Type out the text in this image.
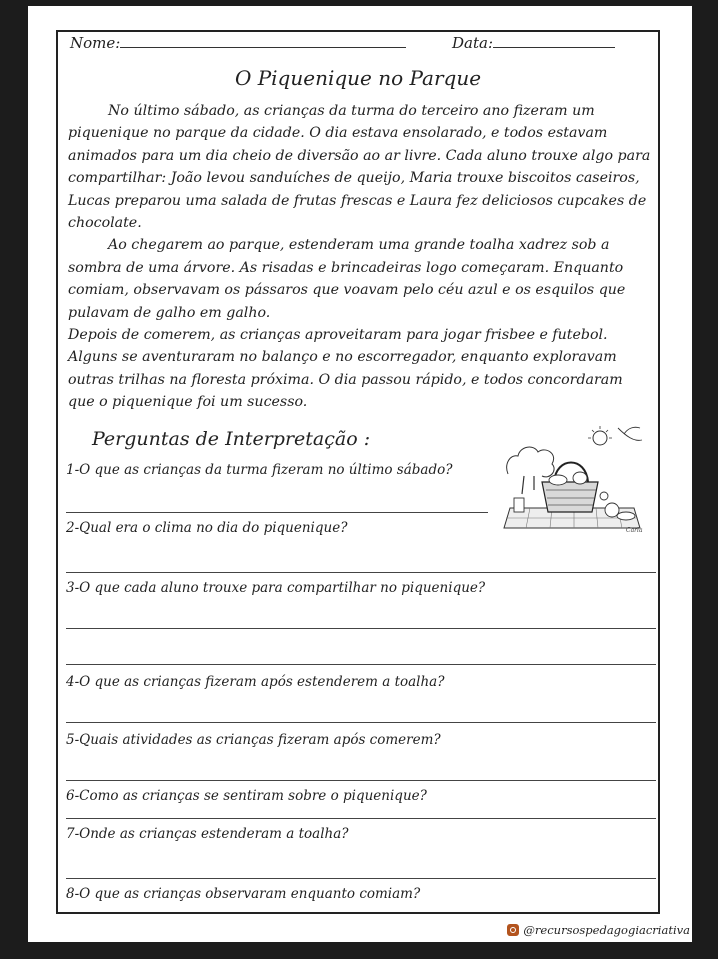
Nome:	Data:
O Piquenique no Parque

No último sábado, as crianças da turma do terceiro ano fizeram um piquenique no parque da cidade. O dia estava ensolarado, e todos estavam animados para um dia cheio de diversão ao ar livre. Cada aluno trouxe algo para compartilhar: João levou sanduíches de queijo, Maria trouxe biscoitos caseiros, Lucas preparou uma salada de frutas frescas e Laura fez deliciosos cupcakes de chocolate.

Ao chegarem ao parque, estenderam uma grande toalha xadrez sob a sombra de uma árvore. As risadas e brincadeiras logo começaram. Enquanto comiam, observavam os pássaros que voavam pelo céu azul e os esquilos que pulavam de galho em galho.

Depois de comerem, as crianças aproveitaram para jogar frisbee e futebol. Alguns se aventuraram no balanço e no escorregador, enquanto exploravam outras trilhas na floresta próxima. O dia passou rápido, e todos concordaram que o piquenique foi um sucesso.

Perguntas de Interpretação :
Carla
1-O que as crianças da turma fizeram no último sábado?
2-Qual era o clima no dia do piquenique?
3-O que cada aluno trouxe para compartilhar no piquenique?
4-O que as crianças fizeram após estenderem a toalha?
5-Quais atividades as crianças fizeram após comerem?
6-Como as crianças se sentiram sobre o piquenique?
7-Onde as crianças estenderam a toalha?
8-O que as crianças observaram enquanto comiam?
@recursospedagogiacriativa
